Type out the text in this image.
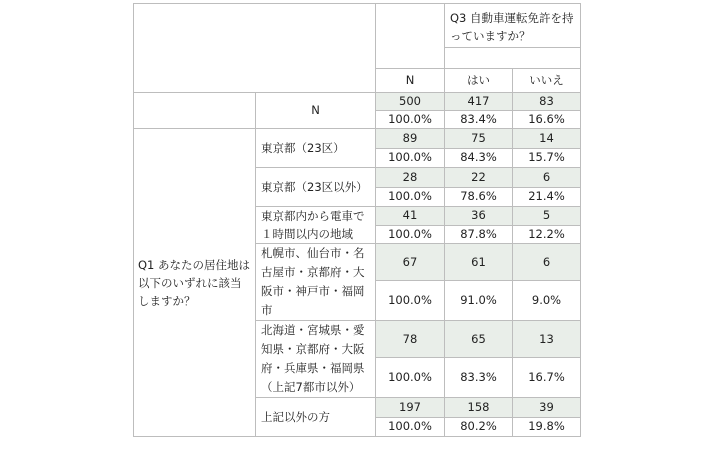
			Q3 自動車運転免許を持っていますか？	

		N	はい	いいえ
	N	500	417	83
		100.0%	83.4%	16.6%
Q1 あなたの居住地は以下のいずれに該当しますか？	東京都（23区）	89	75	14
		100.0%	84.3%	15.7%
	東京都（23区以外）	28	22	6
		100.0%	78.6%	21.4%
	東京都内から電車で１時間以内の地域	41	36	5
		100.0%	87.8%	12.2%
	札幌市、仙台市・名古屋市・京都府・大阪市・神戸市・福岡市	67	61	6
		100.0%	91.0%	9.0%
	北海道・宮城県・愛知県・京都府・大阪府・兵庫県・福岡県（上記7都市以外）	78	65	13
		100.0%	83.3%	16.7%
	上記以外の方	197	158	39
		100.0%	80.2%	19.8%
